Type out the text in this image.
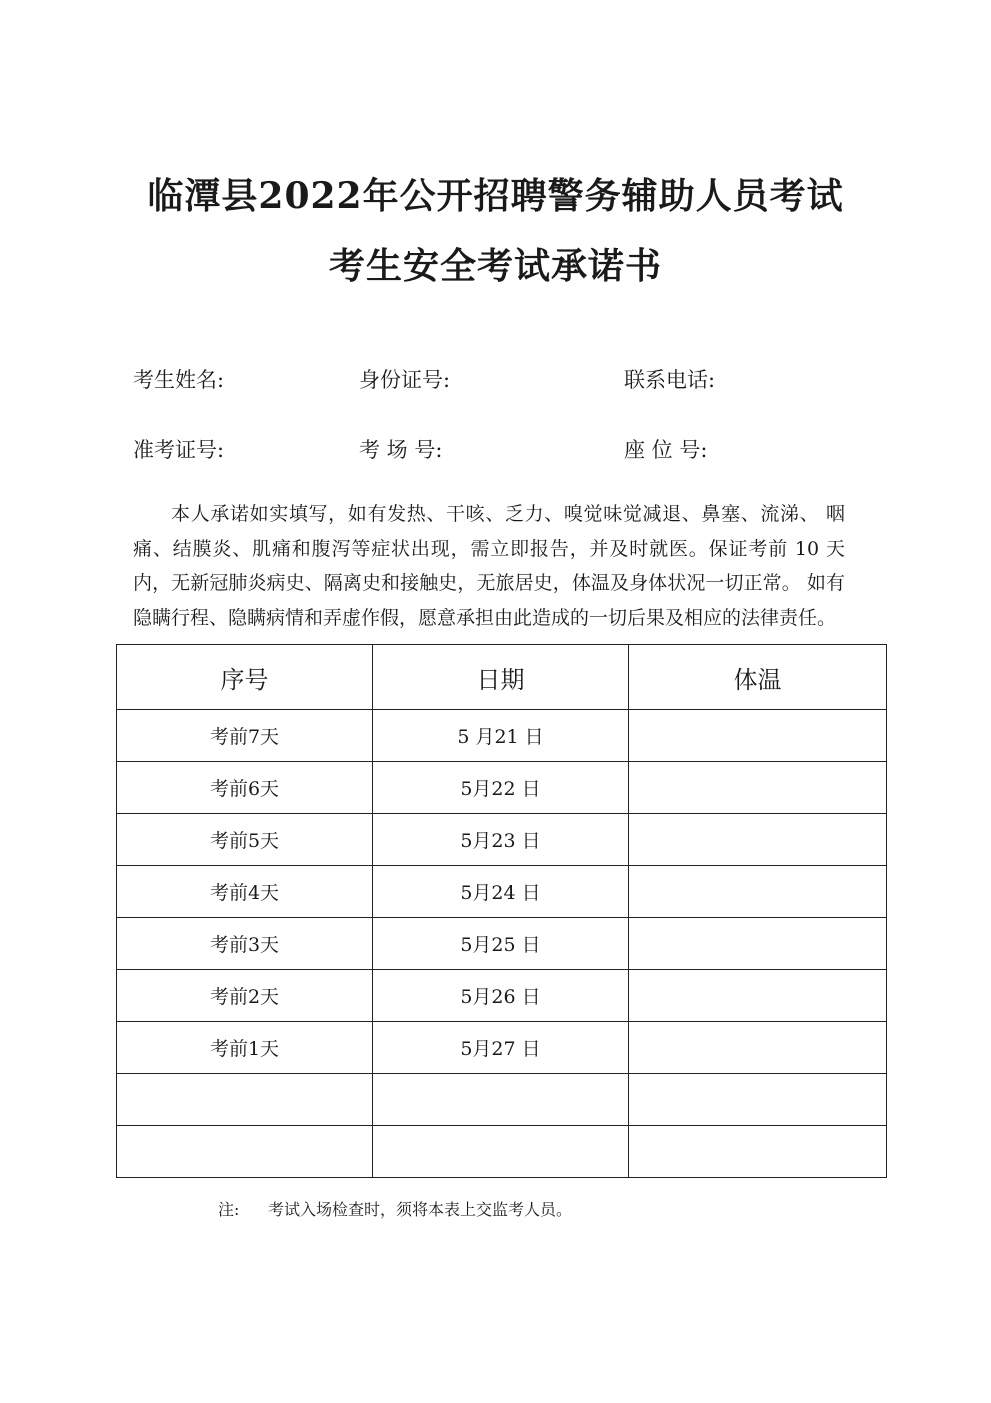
临潭县2022年公开招聘警务辅助人员考试
考生安全考试承诺书
考生姓名:	身份证号:	联系电话:
准考证号:	考 场 号:	座 位 号:

本人承诺如实填写，如有发热、干咳、乏力、嗅觉味觉减退、鼻塞、流涕、 咽痛、结膜炎、肌痛和腹泻等症状出现，需立即报告，并及时就医。保证考前 10 天内，无新冠肺炎病史、隔离史和接触史，无旅居史，体温及身体状况一切正常。 如有隐瞒行程、隐瞒病情和弄虚作假，愿意承担由此造成的一切后果及相应的法律责任。

序号	日期	体温
考前7天	5 月21 日	
考前6天	5月22 日	
考前5天	5月23 日	
考前4天	5月24 日	
考前3天	5月25 日	
考前2天	5月26 日	
考前1天	5月27 日	

注: 考试入场检查时，须将本表上交监考人员。
